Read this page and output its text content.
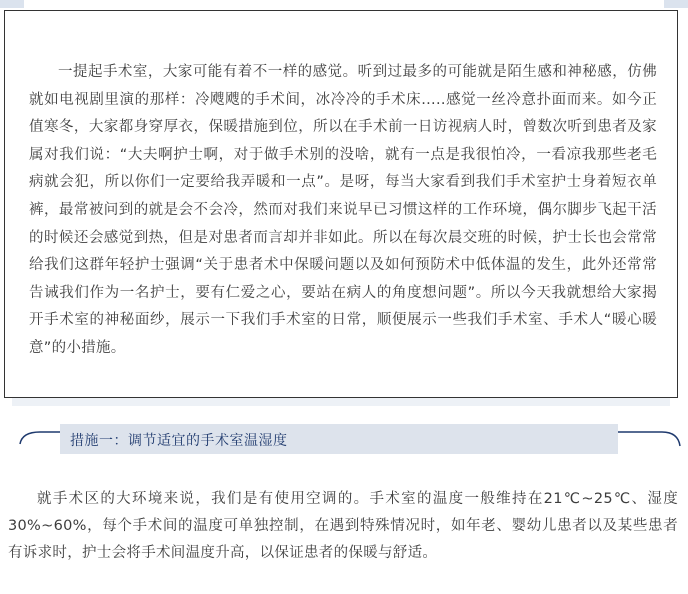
一提起手术室，大家可能有着不一样的感觉。听到过最多的可能就是陌生感和神秘感，仿佛就如电视剧里演的那样：冷飕飕的手术间，冰冷冷的手术床.....感觉一丝冷意扑面而来。如今正值寒冬，大家都身穿厚衣，保暖措施到位，所以在手术前一日访视病人时，曾数次听到患者及家属对我们说：“大夫啊护士啊，对于做手术别的没啥，就有一点是我很怕冷，一看凉我那些老毛病就会犯，所以你们一定要给我弄暖和一点”。是呀，每当大家看到我们手术室护士身着短衣单裤，最常被问到的就是会不会冷，然而对我们来说早已习惯这样的工作环境，偶尔脚步飞起干活的时候还会感觉到热，但是对患者而言却并非如此。所以在每次晨交班的时候，护士长也会常常给我们这群年轻护士强调“关于患者术中保暖问题以及如何预防术中低体温的发生，此外还常常告诫我们作为一名护士，要有仁爱之心，要站在病人的角度想问题”。所以今天我就想给大家揭开手术室的神秘面纱，展示一下我们手术室的日常，顺便展示一些我们手术室、手术人“暖心暖意”的小措施。

措施一：调节适宜的手术室温湿度

就手术区的大环境来说，我们是有使用空调的。手术室的温度一般维持在21℃~25℃、湿度30%~60%，每个手术间的温度可单独控制，在遇到特殊情况时，如年老、婴幼儿患者以及某些患者有诉求时，护士会将手术间温度升高，以保证患者的保暖与舒适。
